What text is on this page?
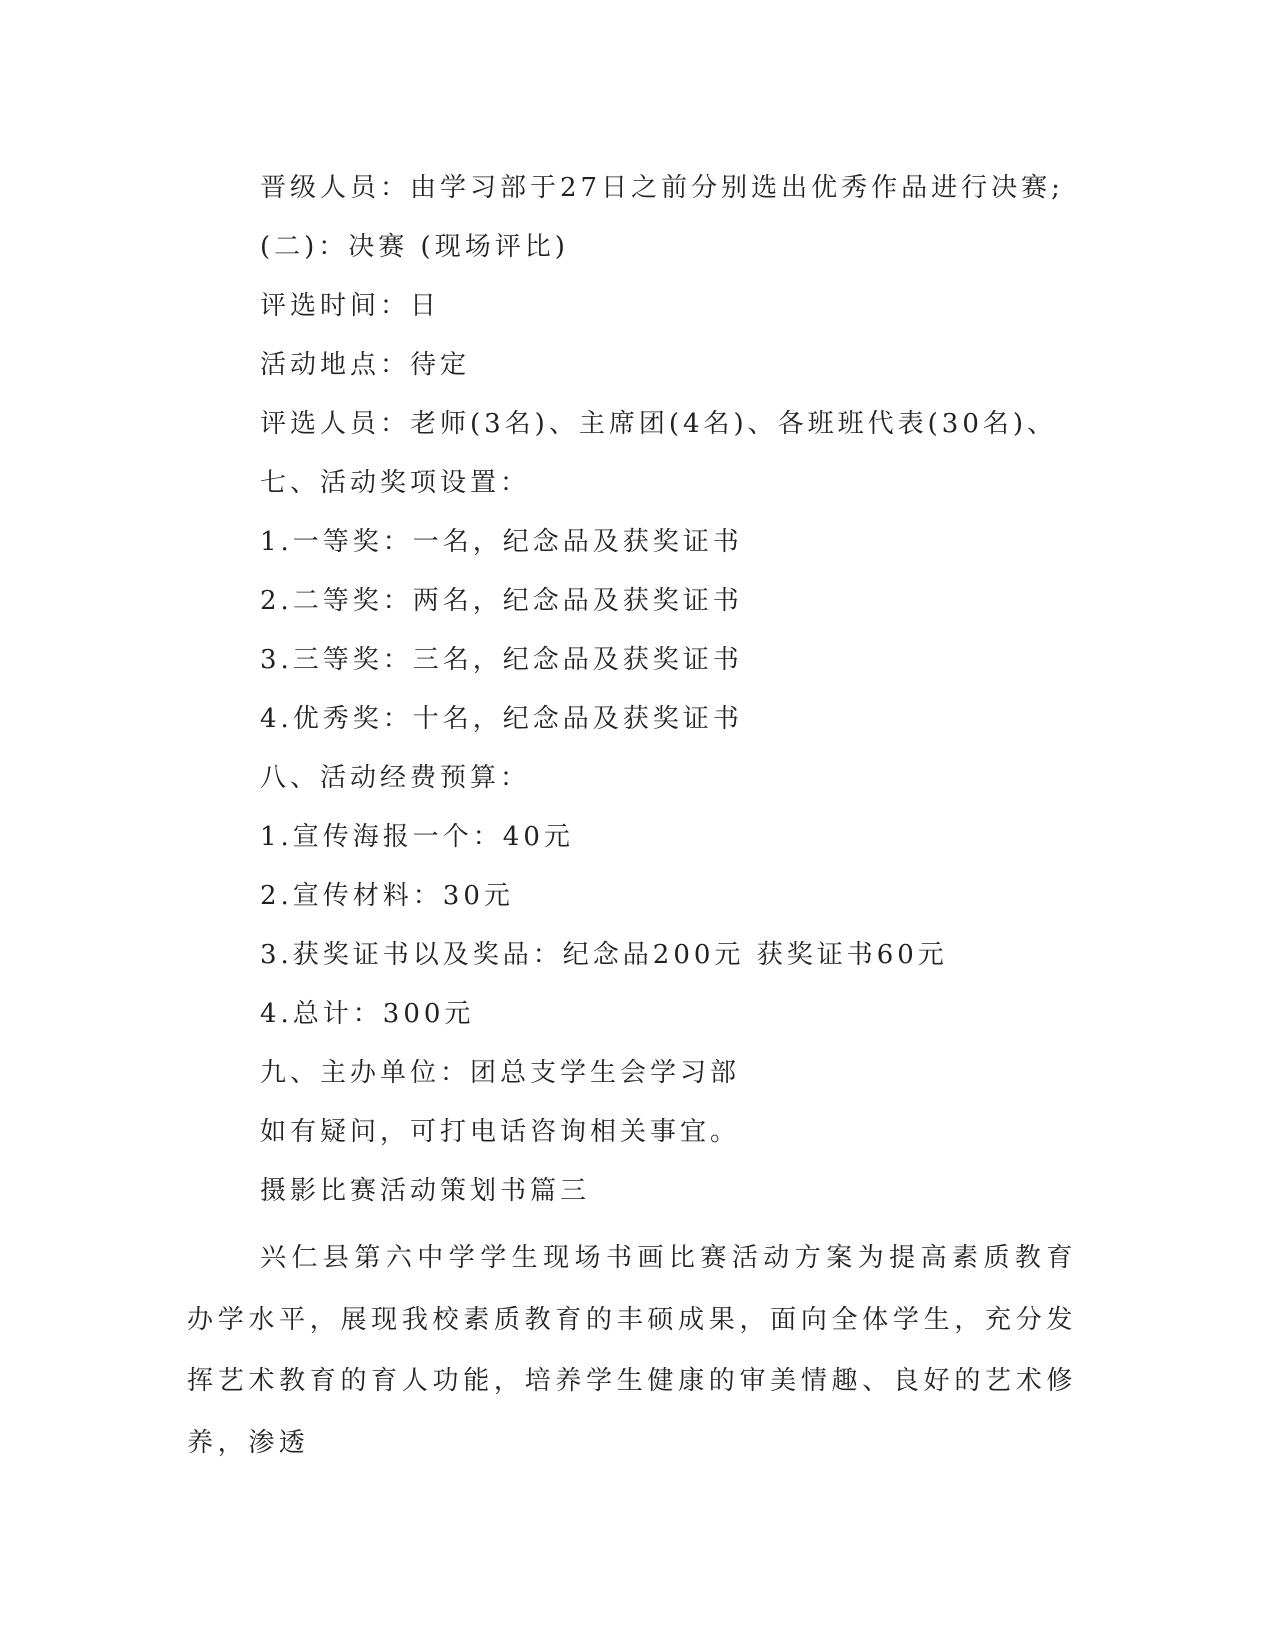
晋级人员：由学习部于27日之前分别选出优秀作品进行决赛;
(二)：决赛 (现场评比)
评选时间：日
活动地点：待定
评选人员：老师(3名)、主席团(4名)、各班班代表(30名)、
七、活动奖项设置：
1.一等奖：一名，纪念品及获奖证书
2.二等奖：两名，纪念品及获奖证书
3.三等奖：三名，纪念品及获奖证书
4.优秀奖：十名，纪念品及获奖证书
八、活动经费预算：
1.宣传海报一个：40元
2.宣传材料：30元
3.获奖证书以及奖品：纪念品200元 获奖证书60元
4.总计：300元
九、主办单位：团总支学生会学习部
如有疑问，可打电话咨询相关事宜。
摄影比赛活动策划书篇三
兴仁县第六中学学生现场书画比赛活动方案为提高素质教育办学水平，展现我校素质教育的丰硕成果，面向全体学生，充分发挥艺术教育的育人功能，培养学生健康的审美情趣、良好的艺术修养，渗透
